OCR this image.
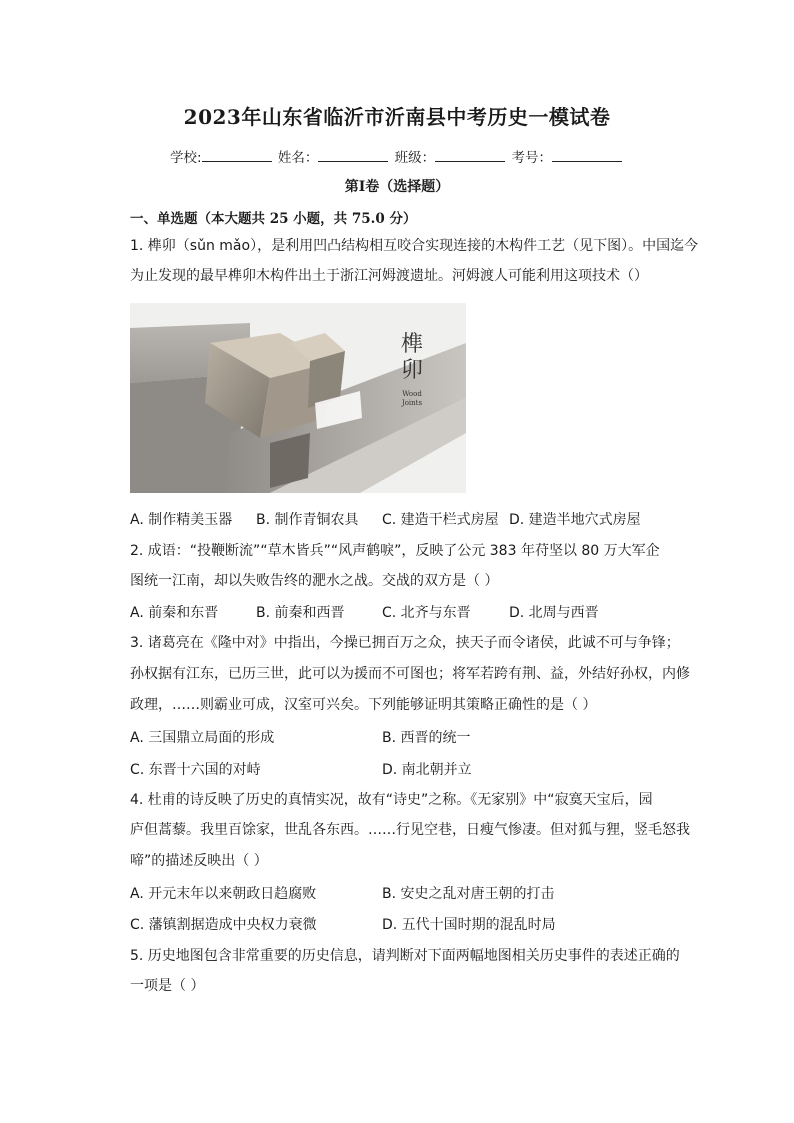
2023年山东省临沂市沂南县中考历史一模试卷
学校:	姓名：	班级：	考号：
第Ⅰ卷（选择题）
一、单选题（本大题共 25 小题，共 75.0 分）
1. 榫卯（sǔn mǎo），是利用凹凸结构相互咬合实现连接的木构件工艺（见下图）。中国迄今
为止发现的最早榫卯木构件出土于浙江河姆渡遗址。河姆渡人可能利用这项技术（）
榫
卯
Wood
Joints
A. 制作精美玉器 B. 制作青铜农具 C. 建造干栏式房屋 D. 建造半地穴式房屋
2. 成语：“投鞭断流”“草木皆兵”“风声鹤唳”，反映了公元 383 年苻坚以 80 万大军企
图统一江南，却以失败告终的淝水之战。交战的双方是（ ）
A. 前秦和东晋	B. 前秦和西晋	C. 北齐与东晋	D. 北周与西晋
3. 诸葛亮在《隆中对》中指出，今操已拥百万之众，挟天子而令诸侯，此诚不可与争锋；
孙权据有江东，已历三世，此可以为援而不可图也；将军若跨有荆、益，外结好孙权，内修
政理，……则霸业可成，汉室可兴矣。下列能够证明其策略正确性的是（ ）
A. 三国鼎立局面的形成	B. 西晋的统一
C. 东晋十六国的对峙	D. 南北朝并立
4. 杜甫的诗反映了历史的真情实况，故有“诗史”之称。《无家别》中“寂寞天宝后，园
庐但蒿藜。我里百馀家，世乱各东西。……行见空巷，日瘦气惨凄。但对狐与狸，竖毛怒我
啼”的描述反映出（ ）
A. 开元末年以来朝政日趋腐败	B. 安史之乱对唐王朝的打击
C. 藩镇割据造成中央权力衰微	D. 五代十国时期的混乱时局
5. 历史地图包含非常重要的历史信息，请判断对下面两幅地图相关历史事件的表述正确的
一项是（ ）
